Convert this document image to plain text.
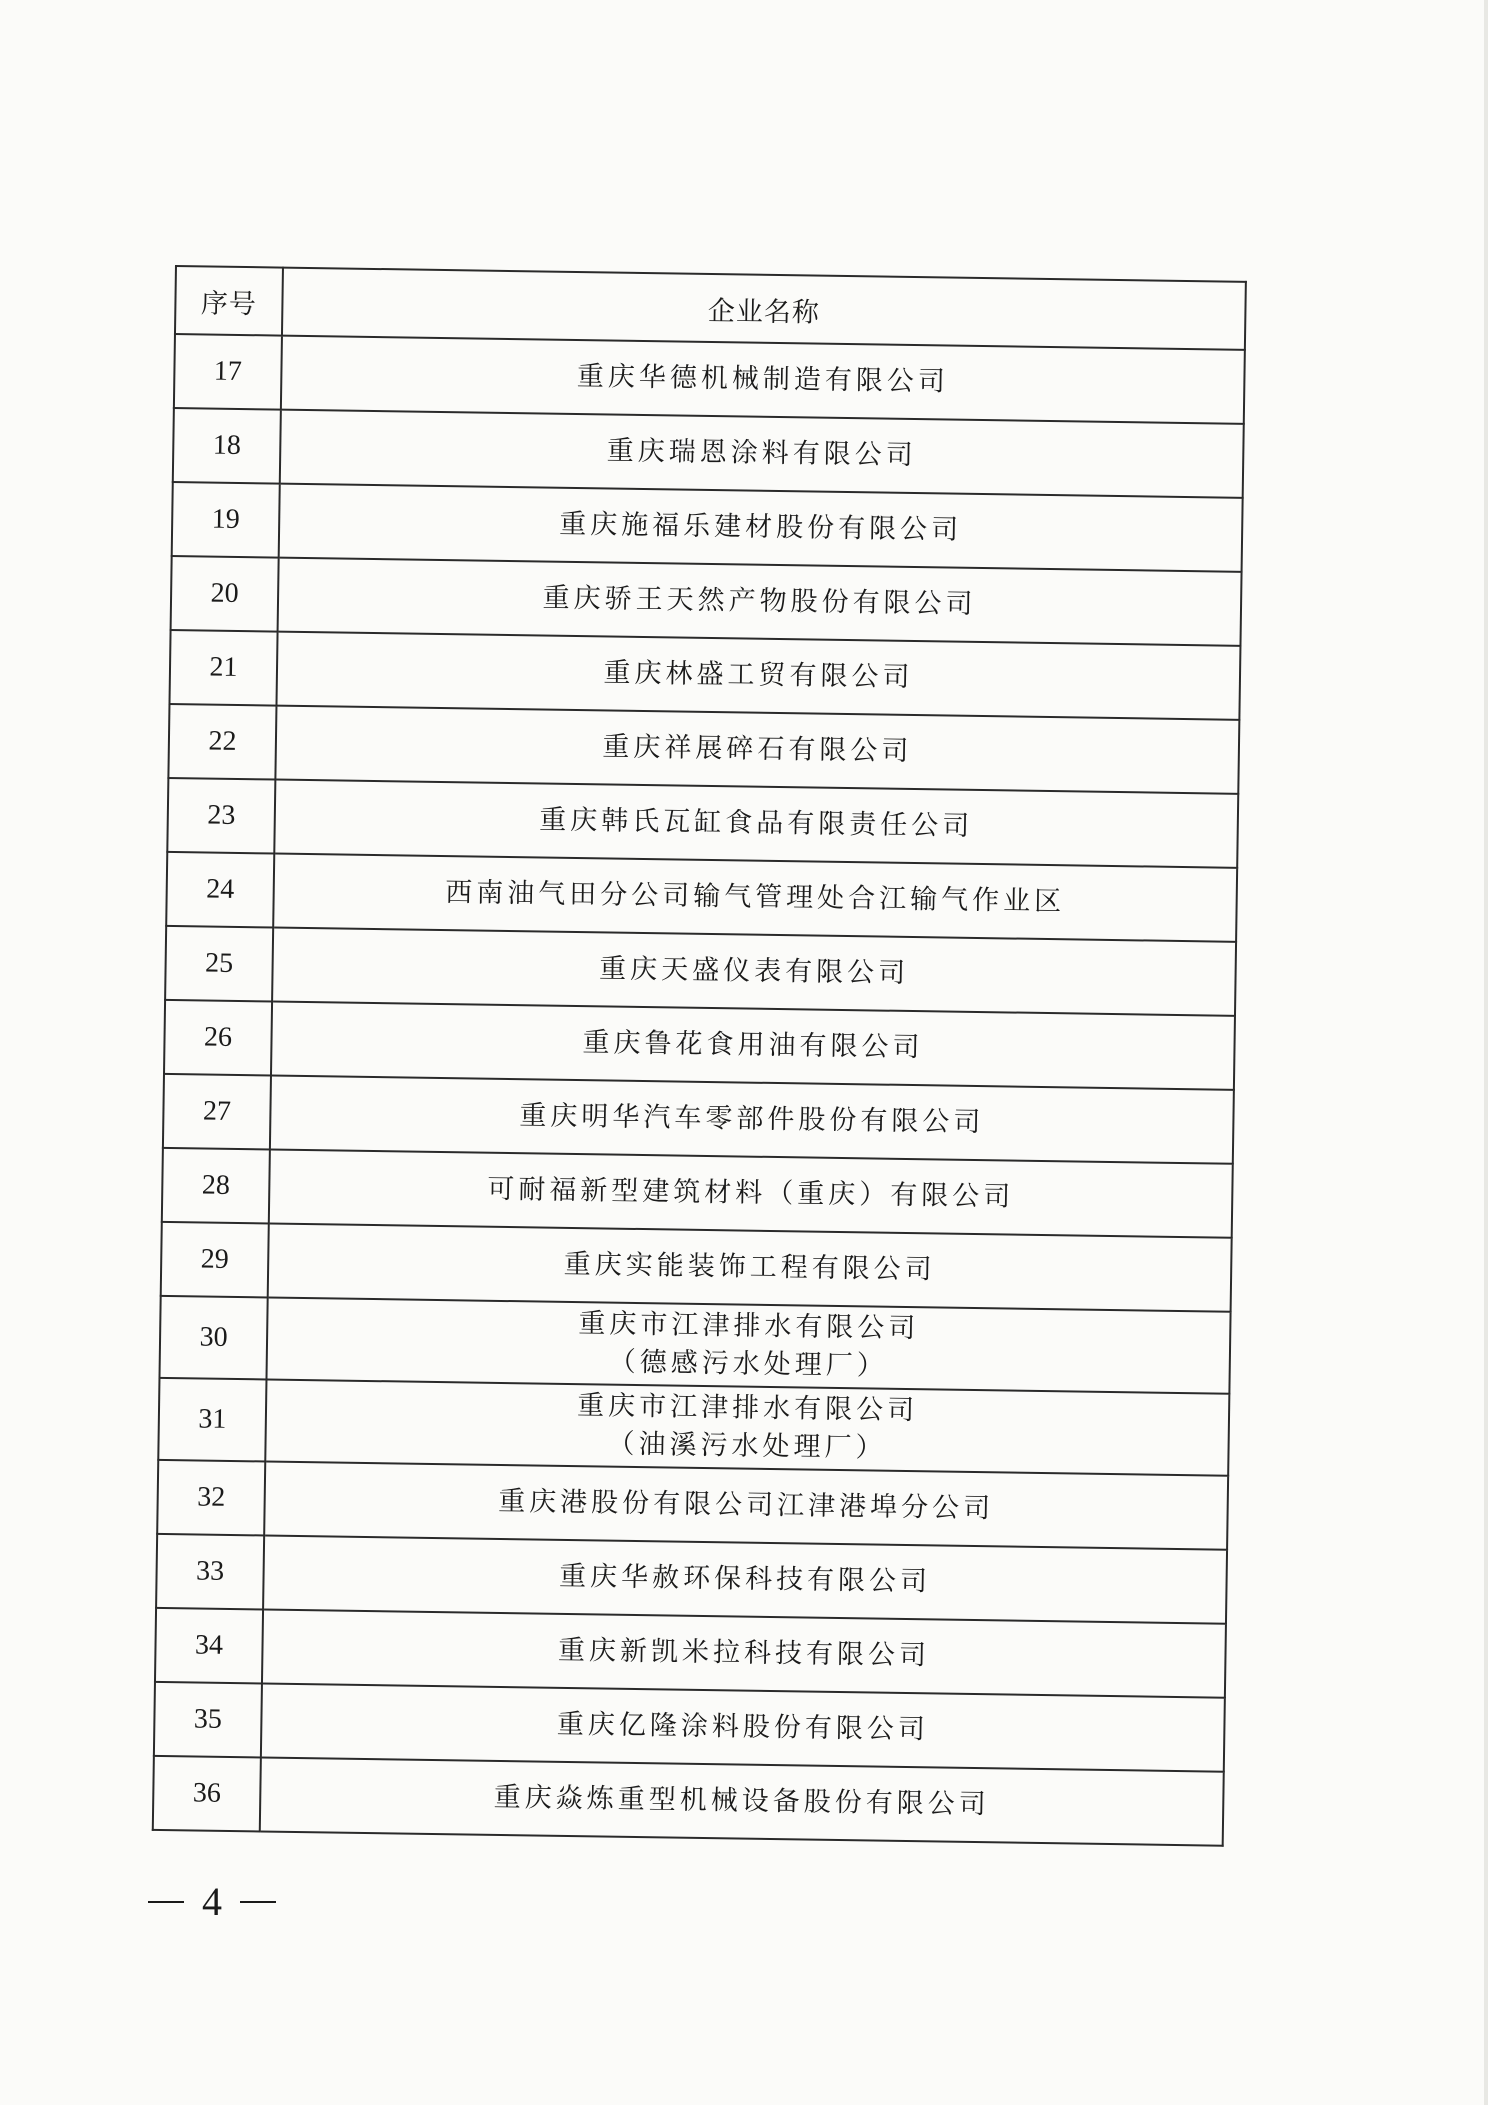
序号	企业名称
17	重庆华德机械制造有限公司

18	重庆瑞恩涂料有限公司

19	重庆施福乐建材股份有限公司

20	重庆骄王天然产物股份有限公司

21	重庆林盛工贸有限公司

22	重庆祥展碎石有限公司

23	重庆韩氏瓦缸食品有限责任公司

24	西南油气田分公司输气管理处合江输气作业区

25	重庆天盛仪表有限公司

26	重庆鲁花食用油有限公司

27	重庆明华汽车零部件股份有限公司

28	可耐福新型建筑材料（重庆）有限公司

29	重庆实能装饰工程有限公司

30	重庆市江津排水有限公司
（德感污水处理厂）

31	重庆市江津排水有限公司
（油溪污水处理厂）

32	重庆港股份有限公司江津港埠分公司

33	重庆华赦环保科技有限公司

34	重庆新凯米拉科技有限公司

35	重庆亿隆涂料股份有限公司

36	重庆焱炼重型机械设备股份有限公司
4
